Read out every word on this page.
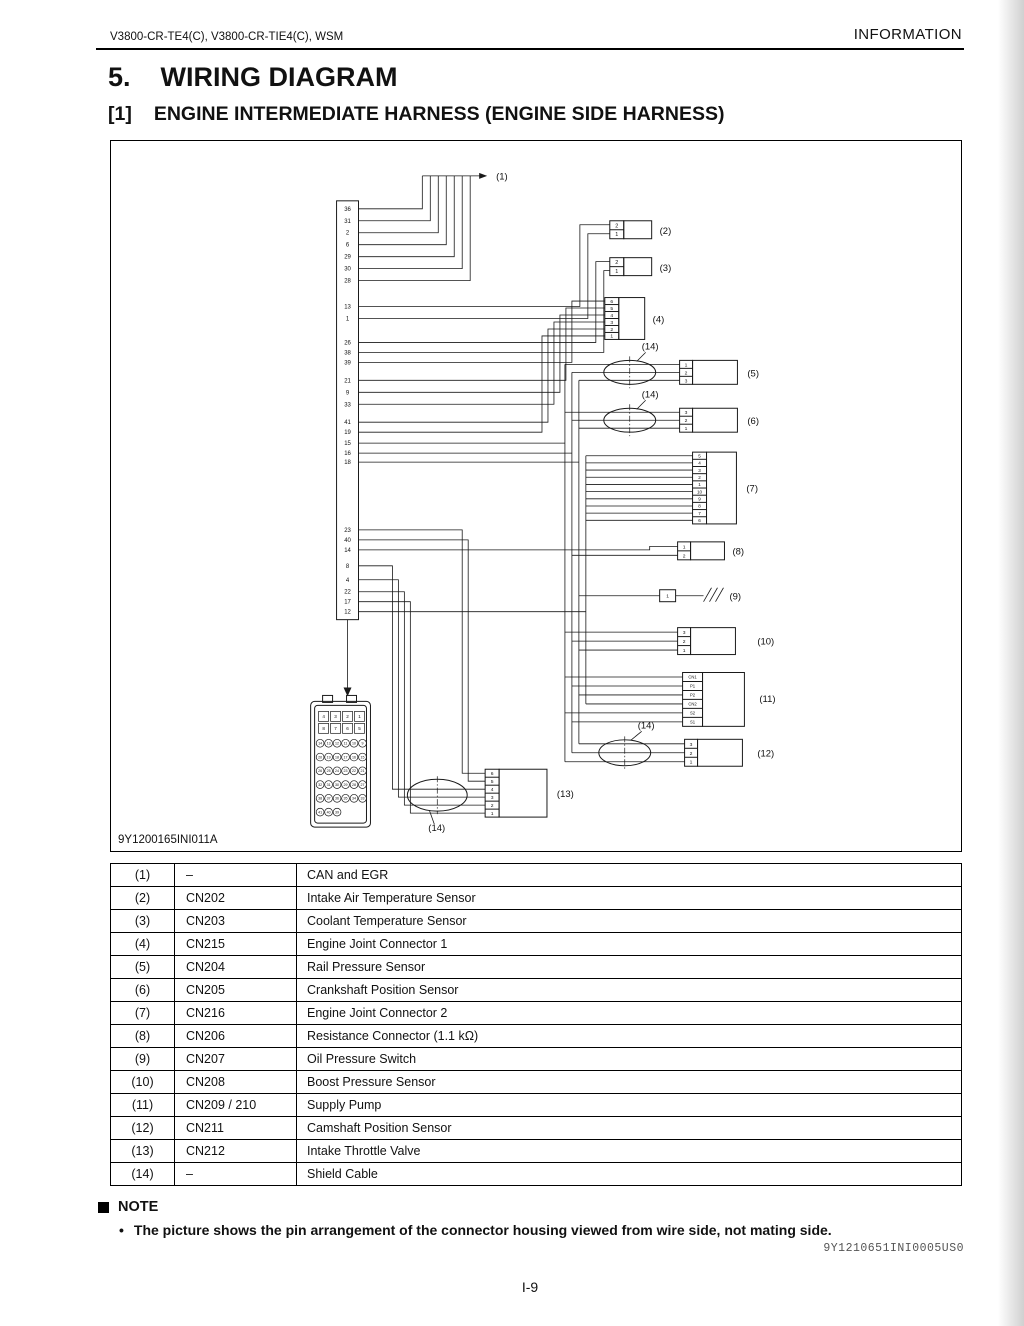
V3800-CR-TE4(C), V3800-CR-TIE4(C), WSM	INFORMATION
5. WIRING DIAGRAM
[1] ENGINE INTERMEDIATE HARNESS (ENGINE SIDE HARNESS)
36
31
2
6
29
30
28
13
1
26
38
39
21
9
33
41
19
15
16
18
23
40
14
8
4
22
17
12
2
1
2
1
6
5
4
3
2
1
1
2
3
3
2
1
5
4
3
2
1
10
9
8
7
6
1
2
1
3
2
1
CN1
P1
P2
CN2
S2
S1
3
2
1
6
5
4
3
2
1
4 3 2 1
8 7 6 5
14 13 12 11 10 9
20 19 18 17 16 15
26 25 24 23 22 21
32 31 30 29 28 27
38 37 36 35 34 33
41 40 39
(1)
(2)
(3)
(4)
(5)
(6)
(7)
(8)
(9)
(10)
(11)
(12)
(13)
(14)
(14)
(14)
(14)
9Y1200165INI011A
(1)	–	CAN and EGR
(2)	CN202	Intake Air Temperature Sensor
(3)	CN203	Coolant Temperature Sensor
(4)	CN215	Engine Joint Connector 1
(5)	CN204	Rail Pressure Sensor
(6)	CN205	Crankshaft Position Sensor
(7)	CN216	Engine Joint Connector 2
(8)	CN206	Resistance Connector (1.1 kΩ)
(9)	CN207	Oil Pressure Switch
(10)	CN208	Boost Pressure Sensor
(11)	CN209 / 210	Supply Pump
(12)	CN211	Camshaft Position Sensor
(13)	CN212	Intake Throttle Valve
(14)	–	Shield Cable
NOTE
• The picture shows the pin arrangement of the connector housing viewed from wire side, not mating side.
9Y1210651INI0005US0
I-9
